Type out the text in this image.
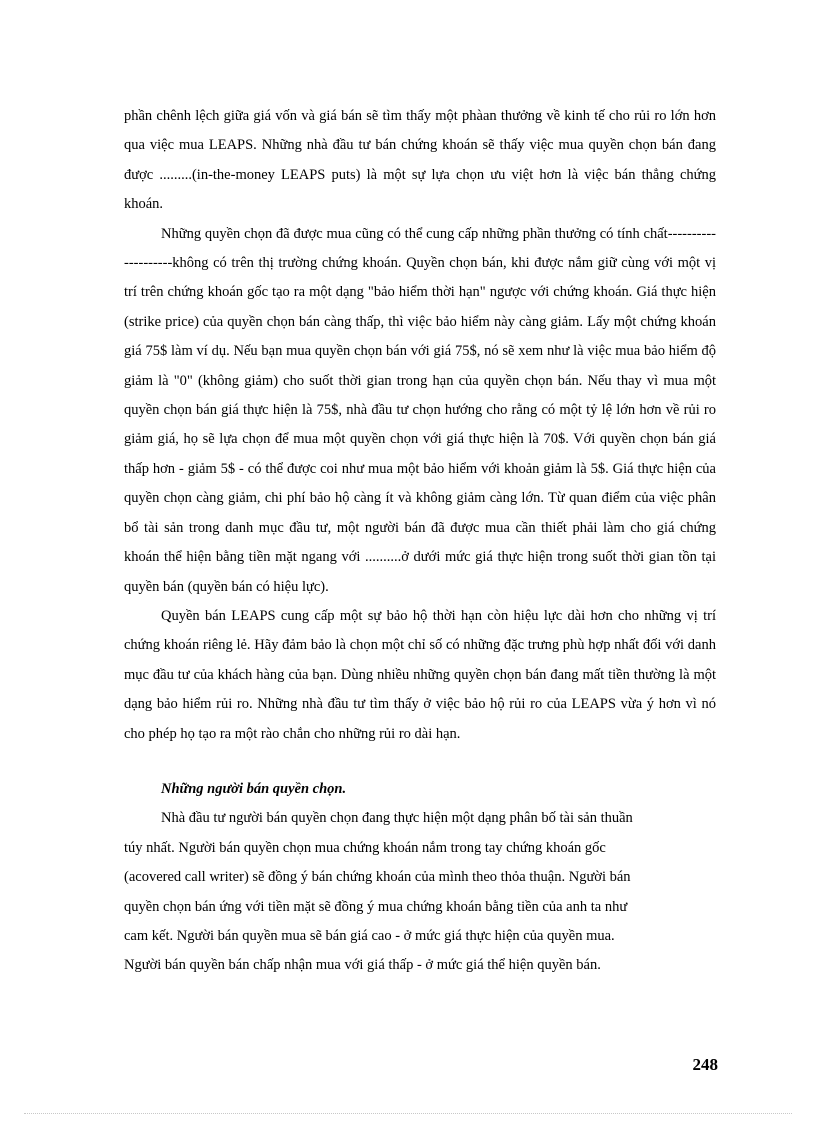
phần chênh lệch giữa giá vốn và giá bán sẽ tìm thấy một phàan thưởng về kinh tế cho rủi ro lớn hơn qua việc mua LEAPS. Những nhà đầu tư bán chứng khoán sẽ thấy việc mua quyền chọn bán đang được .........(in-the-money LEAPS puts) là một sự lựa chọn ưu việt hơn là việc bán thẳng chứng khoán.

Những quyền chọn đã được mua cũng có thể cung cấp những phần thưởng có tính chất--------------------không có trên thị trường chứng khoán. Quyền chọn bán, khi được nắm giữ cùng với một vị trí trên chứng khoán gốc tạo ra một dạng "bảo hiểm thời hạn" ngược với chứng khoán. Giá thực hiện (strike price) của quyền chọn bán càng thấp, thì việc bảo hiểm này càng giảm. Lấy một chứng khoán giá 75$ làm ví dụ. Nếu bạn mua quyền chọn bán với giá 75$, nó sẽ xem như là việc mua bảo hiểm độ giảm là "0" (không giảm) cho suốt thời gian trong hạn của quyền chọn bán. Nếu thay vì mua một quyền chọn bán giá thực hiện là 75$, nhà đầu tư chọn hướng cho rằng có một tỷ lệ lớn hơn về rủi ro giảm giá, họ sẽ lựa chọn để mua một quyền chọn với giá thực hiện là 70$. Với quyền chọn bán giá thấp hơn - giảm 5$ - có thể được coi như mua một bảo hiểm với khoản giảm là 5$. Giá thực hiện của quyền chọn càng giảm, chi phí bảo hộ càng ít và không giảm càng lớn. Từ quan điểm của việc phân bổ tài sản trong danh mục đầu tư, một người bán đã được mua cần thiết phải làm cho giá chứng khoán thể hiện bằng tiền mặt ngang với ..........ở dưới mức giá thực hiện trong suốt thời gian tồn tại quyền bán (quyền bán có hiệu lực).

Quyền bán LEAPS cung cấp một sự bảo hộ thời hạn còn hiệu lực dài hơn cho những vị trí chứng khoán riêng lẻ. Hãy đảm bảo là chọn một chỉ số có những đặc trưng phù hợp nhất đối với danh mục đầu tư của khách hàng của bạn. Dùng nhiều những quyền chọn bán đang mất tiền thường là một dạng bảo hiểm rủi ro. Những nhà đầu tư tìm thấy ở việc bảo hộ rủi ro của LEAPS vừa ý hơn vì nó cho phép họ tạo ra một rào chắn cho những rủi ro dài hạn.

Những người bán quyền chọn.
Nhà đầu tư người bán quyền chọn đang thực hiện một dạng phân bố tài sản thuần
túy nhất. Người bán quyền chọn mua chứng khoán nắm trong tay chứng khoán gốc
(acovered call writer) sẽ đồng ý bán chứng khoán của mình theo thỏa thuận. Người bán
quyền chọn bán ứng với tiền mặt sẽ đồng ý mua chứng khoán bằng tiền của anh ta như
cam kết. Người bán quyền mua sẽ bán giá cao - ở mức giá thực hiện của quyền mua.
Người bán quyền bán chấp nhận mua với giá thấp - ở mức giá thể hiện quyền bán.
248
